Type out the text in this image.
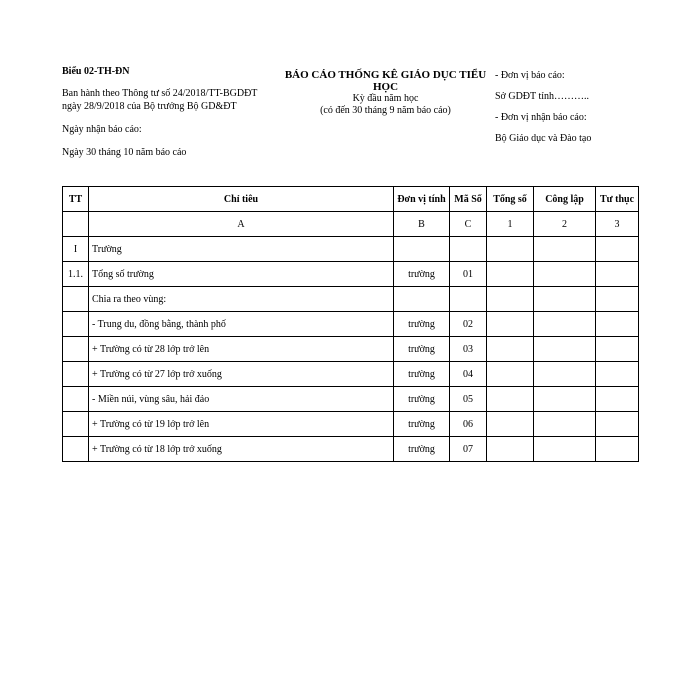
Biểu 02-TH-ĐN
Ban hành theo Thông tư số 24/2018/TT-BGDĐT
ngày 28/9/2018 của Bộ trưởng Bộ GD&ĐT
Ngày nhận báo cáo:
Ngày 30 tháng 10 năm báo cáo
BÁO CÁO THỐNG KÊ GIÁO DỤC TIỂU
HỌC
Kỳ đầu năm học
(có đến 30 tháng 9 năm báo cáo)
- Đơn vị báo cáo:
Sở GDĐT tỉnh………..
- Đơn vị nhận báo cáo:
Bộ Giáo dục và Đào tạo
TT	Chỉ tiêu	Đơn vị tính	Mã Số	Tổng số	Công lập	Tư thục
	A	B	C	1	2	3
I	Trường					
1.1.	Tổng số trường	trường	01			
	Chia ra theo vùng:					
	- Trung du, đồng bằng, thành phố	trường	02			
	+ Trường có từ 28 lớp trở lên	trường	03			
	+ Trường có từ 27 lớp trở xuống	trường	04			
	- Miền núi, vùng sâu, hải đảo	trường	05			
	+ Trường có từ 19 lớp trở lên	trường	06			
	+ Trường có từ 18 lớp trở xuống	trường	07			
